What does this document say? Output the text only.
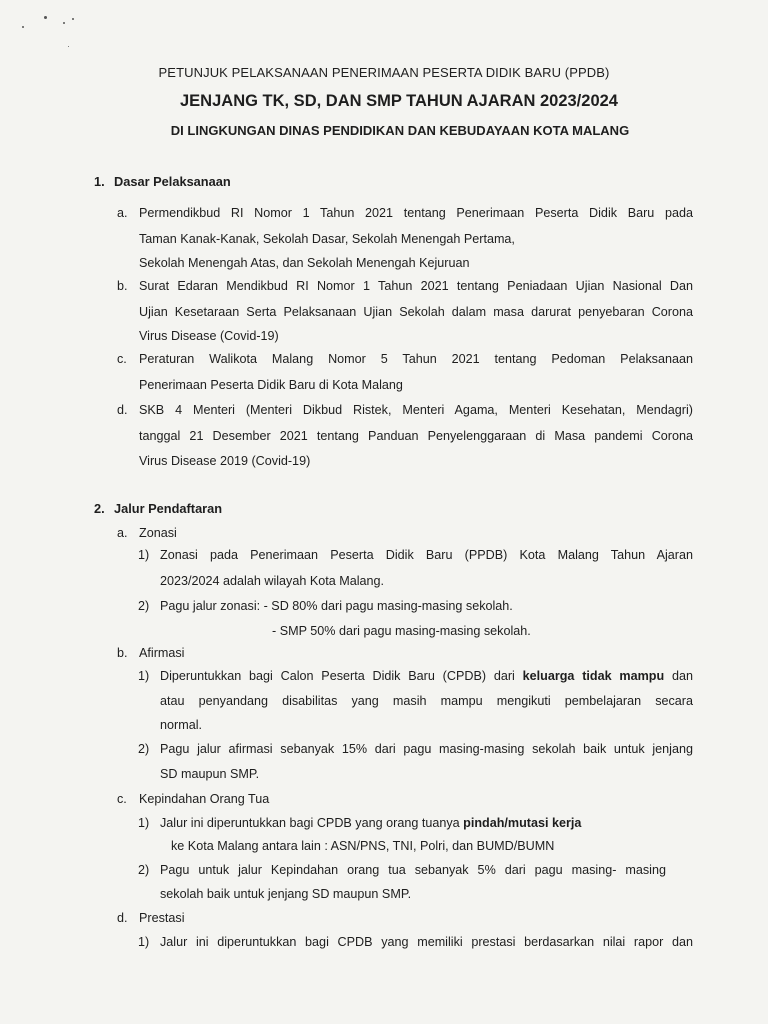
PETUNJUK PELAKSANAAN PENERIMAAN PESERTA DIDIK BARU (PPDB)
JENJANG TK, SD, DAN SMP TAHUN AJARAN 2023/2024
DI LINGKUNGAN DINAS PENDIDIKAN DAN KEBUDAYAAN KOTA MALANG
1. Dasar Pelaksanaan
a. Permendikbud RI Nomor 1 Tahun 2021 tentang Penerimaan Peserta Didik Baru pada
Taman Kanak-Kanak, Sekolah Dasar, Sekolah Menengah Pertama,
Sekolah Menengah Atas, dan Sekolah Menengah Kejuruan
b. Surat Edaran Mendikbud RI Nomor 1 Tahun 2021 tentang Peniadaan Ujian Nasional Dan
Ujian Kesetaraan Serta Pelaksanaan Ujian Sekolah dalam masa darurat penyebaran Corona
Virus Disease (Covid-19)
c. Peraturan Walikota Malang Nomor 5 Tahun 2021 tentang Pedoman Pelaksanaan
Penerimaan Peserta Didik Baru di Kota Malang
d. SKB 4 Menteri (Menteri Dikbud Ristek, Menteri Agama, Menteri Kesehatan, Mendagri)
tanggal 21 Desember 2021 tentang Panduan Penyelenggaraan di Masa pandemi Corona
Virus Disease 2019 (Covid-19)
2. Jalur Pendaftaran
a. Zonasi
1) Zonasi pada Penerimaan Peserta Didik Baru (PPDB) Kota Malang Tahun Ajaran
2023/2024 adalah wilayah Kota Malang.
2) Pagu jalur zonasi: - SD 80% dari pagu masing-masing sekolah.
- SMP 50% dari pagu masing-masing sekolah.
b. Afirmasi
1) Diperuntukkan bagi Calon Peserta Didik Baru (CPDB) dari keluarga tidak mampu dan
atau penyandang disabilitas yang masih mampu mengikuti pembelajaran secara
normal.
2) Pagu jalur afirmasi sebanyak 15% dari pagu masing-masing sekolah baik untuk jenjang
SD maupun SMP.
c. Kepindahan Orang Tua
1) Jalur ini diperuntukkan bagi CPDB yang orang tuanya pindah/mutasi kerja
ke Kota Malang antara lain : ASN/PNS, TNI, Polri, dan BUMD/BUMN
2) Pagu untuk jalur Kepindahan orang tua sebanyak 5% dari pagu masing- masing
sekolah baik untuk jenjang SD maupun SMP.
d. Prestasi
1) Jalur ini diperuntukkan bagi CPDB yang memiliki prestasi berdasarkan nilai rapor dan
